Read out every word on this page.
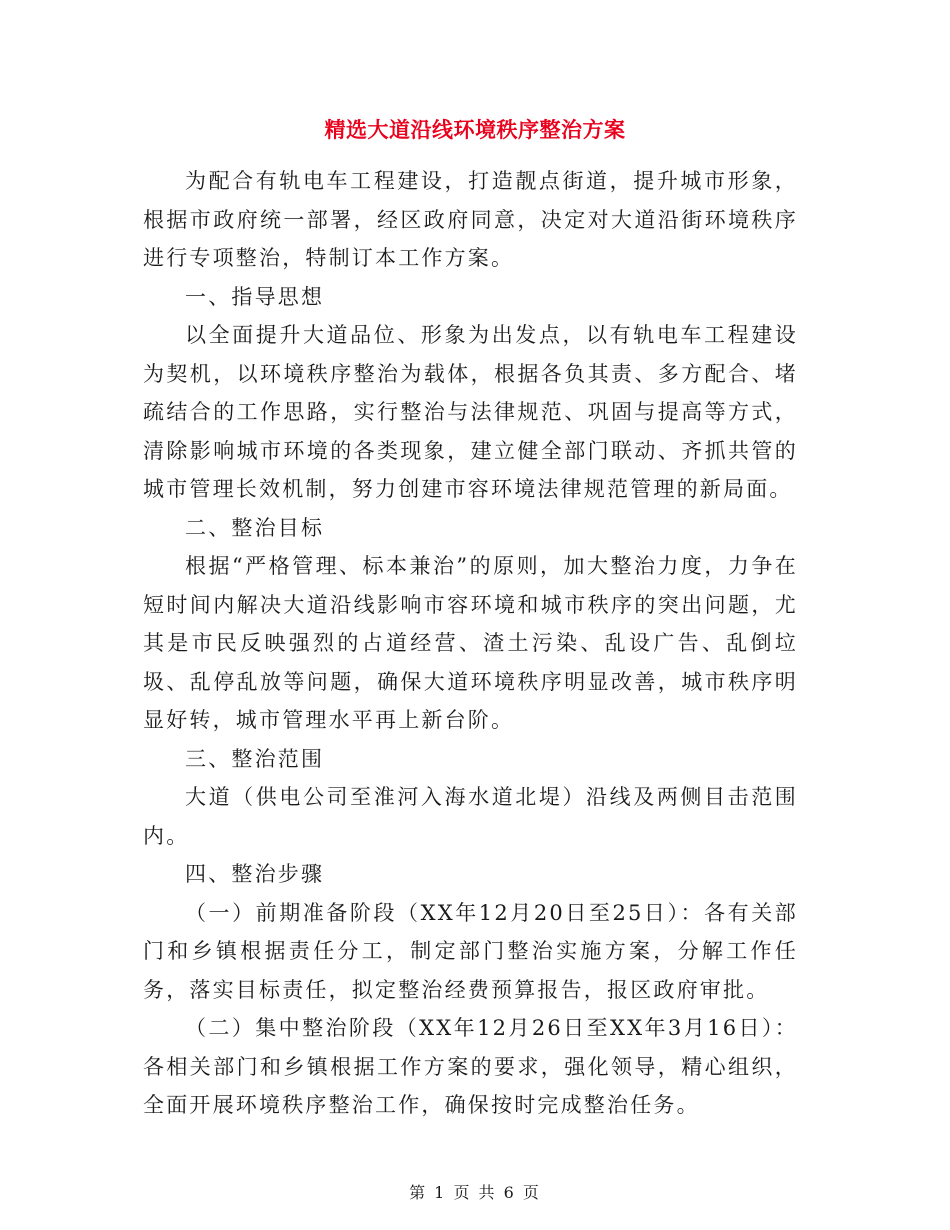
精选大道沿线环境秩序整治方案

为配合有轨电车工程建设，打造靓点街道，提升城市形象，根据市政府统一部署，经区政府同意，决定对大道沿街环境秩序进行专项整治，特制订本工作方案。

一、指导思想

以全面提升大道品位、形象为出发点，以有轨电车工程建设为契机，以环境秩序整治为载体，根据各负其责、多方配合、堵疏结合的工作思路，实行整治与法律规范、巩固与提高等方式，清除影响城市环境的各类现象，建立健全部门联动、齐抓共管的城市管理长效机制，努力创建市容环境法律规范管理的新局面。

二、整治目标

根据“严格管理、标本兼治”的原则，加大整治力度，力争在短时间内解决大道沿线影响市容环境和城市秩序的突出问题，尤其是市民反映强烈的占道经营、渣土污染、乱设广告、乱倒垃圾、乱停乱放等问题，确保大道环境秩序明显改善，城市秩序明显好转，城市管理水平再上新台阶。

三、整治范围

大道（供电公司至淮河入海水道北堤）沿线及两侧目击范围内。

四、整治步骤

（一）前期准备阶段（XX年12月20日至25日）：各有关部门和乡镇根据责任分工，制定部门整治实施方案，分解工作任务，落实目标责任，拟定整治经费预算报告，报区政府审批。

（二）集中整治阶段（XX年12月26日至XX年3月16日）：各相关部门和乡镇根据工作方案的要求，强化领导，精心组织，全面开展环境秩序整治工作，确保按时完成整治任务。

第 1 页 共 6 页
